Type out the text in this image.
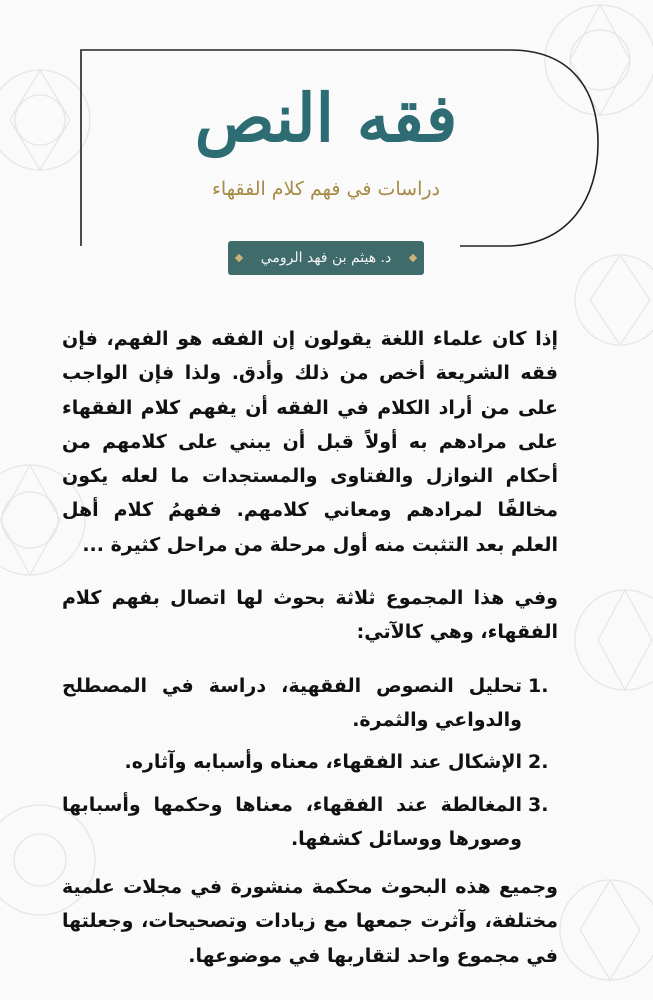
فقه النص
دراسات في فهم كلام الفقهاء
د. هيثم بن فهد الرومي

إذا كان علماء اللغة يقولون إن الفقه هو الفهم، فإن فقه الشريعة أخص من ذلك وأدق. ولذا فإن الواجب على من أراد الكلام في الفقه أن يفهم كلام الفقهاء على مرادهم به أولاً قبل أن يبني على كلامهم من أحكام النوازل والفتاوى والمستجدات ما لعله يكون مخالفًا لمرادهم ومعاني كلامهم. ففهمُ كلام أهل العلم بعد التثبت منه أول مرحلة من مراحل كثيرة ...

وفي هذا المجموع ثلاثة بحوث لها اتصال بفهم كلام الفقهاء، وهي كالآتي:

1.
تحليل النصوص الفقهية، دراسة في المصطلح والدواعي والثمرة.
2.
الإشكال عند الفقهاء، معناه وأسبابه وآثاره.
3.
المغالطة عند الفقهاء، معناها وحكمها وأسبابها وصورها ووسائل كشفها.

وجميع هذه البحوث محكمة منشورة في مجلات علمية مختلفة، وآثرت جمعها مع زيادات وتصحيحات، وجعلتها في مجموع واحد لتقاربها في موضوعها.
